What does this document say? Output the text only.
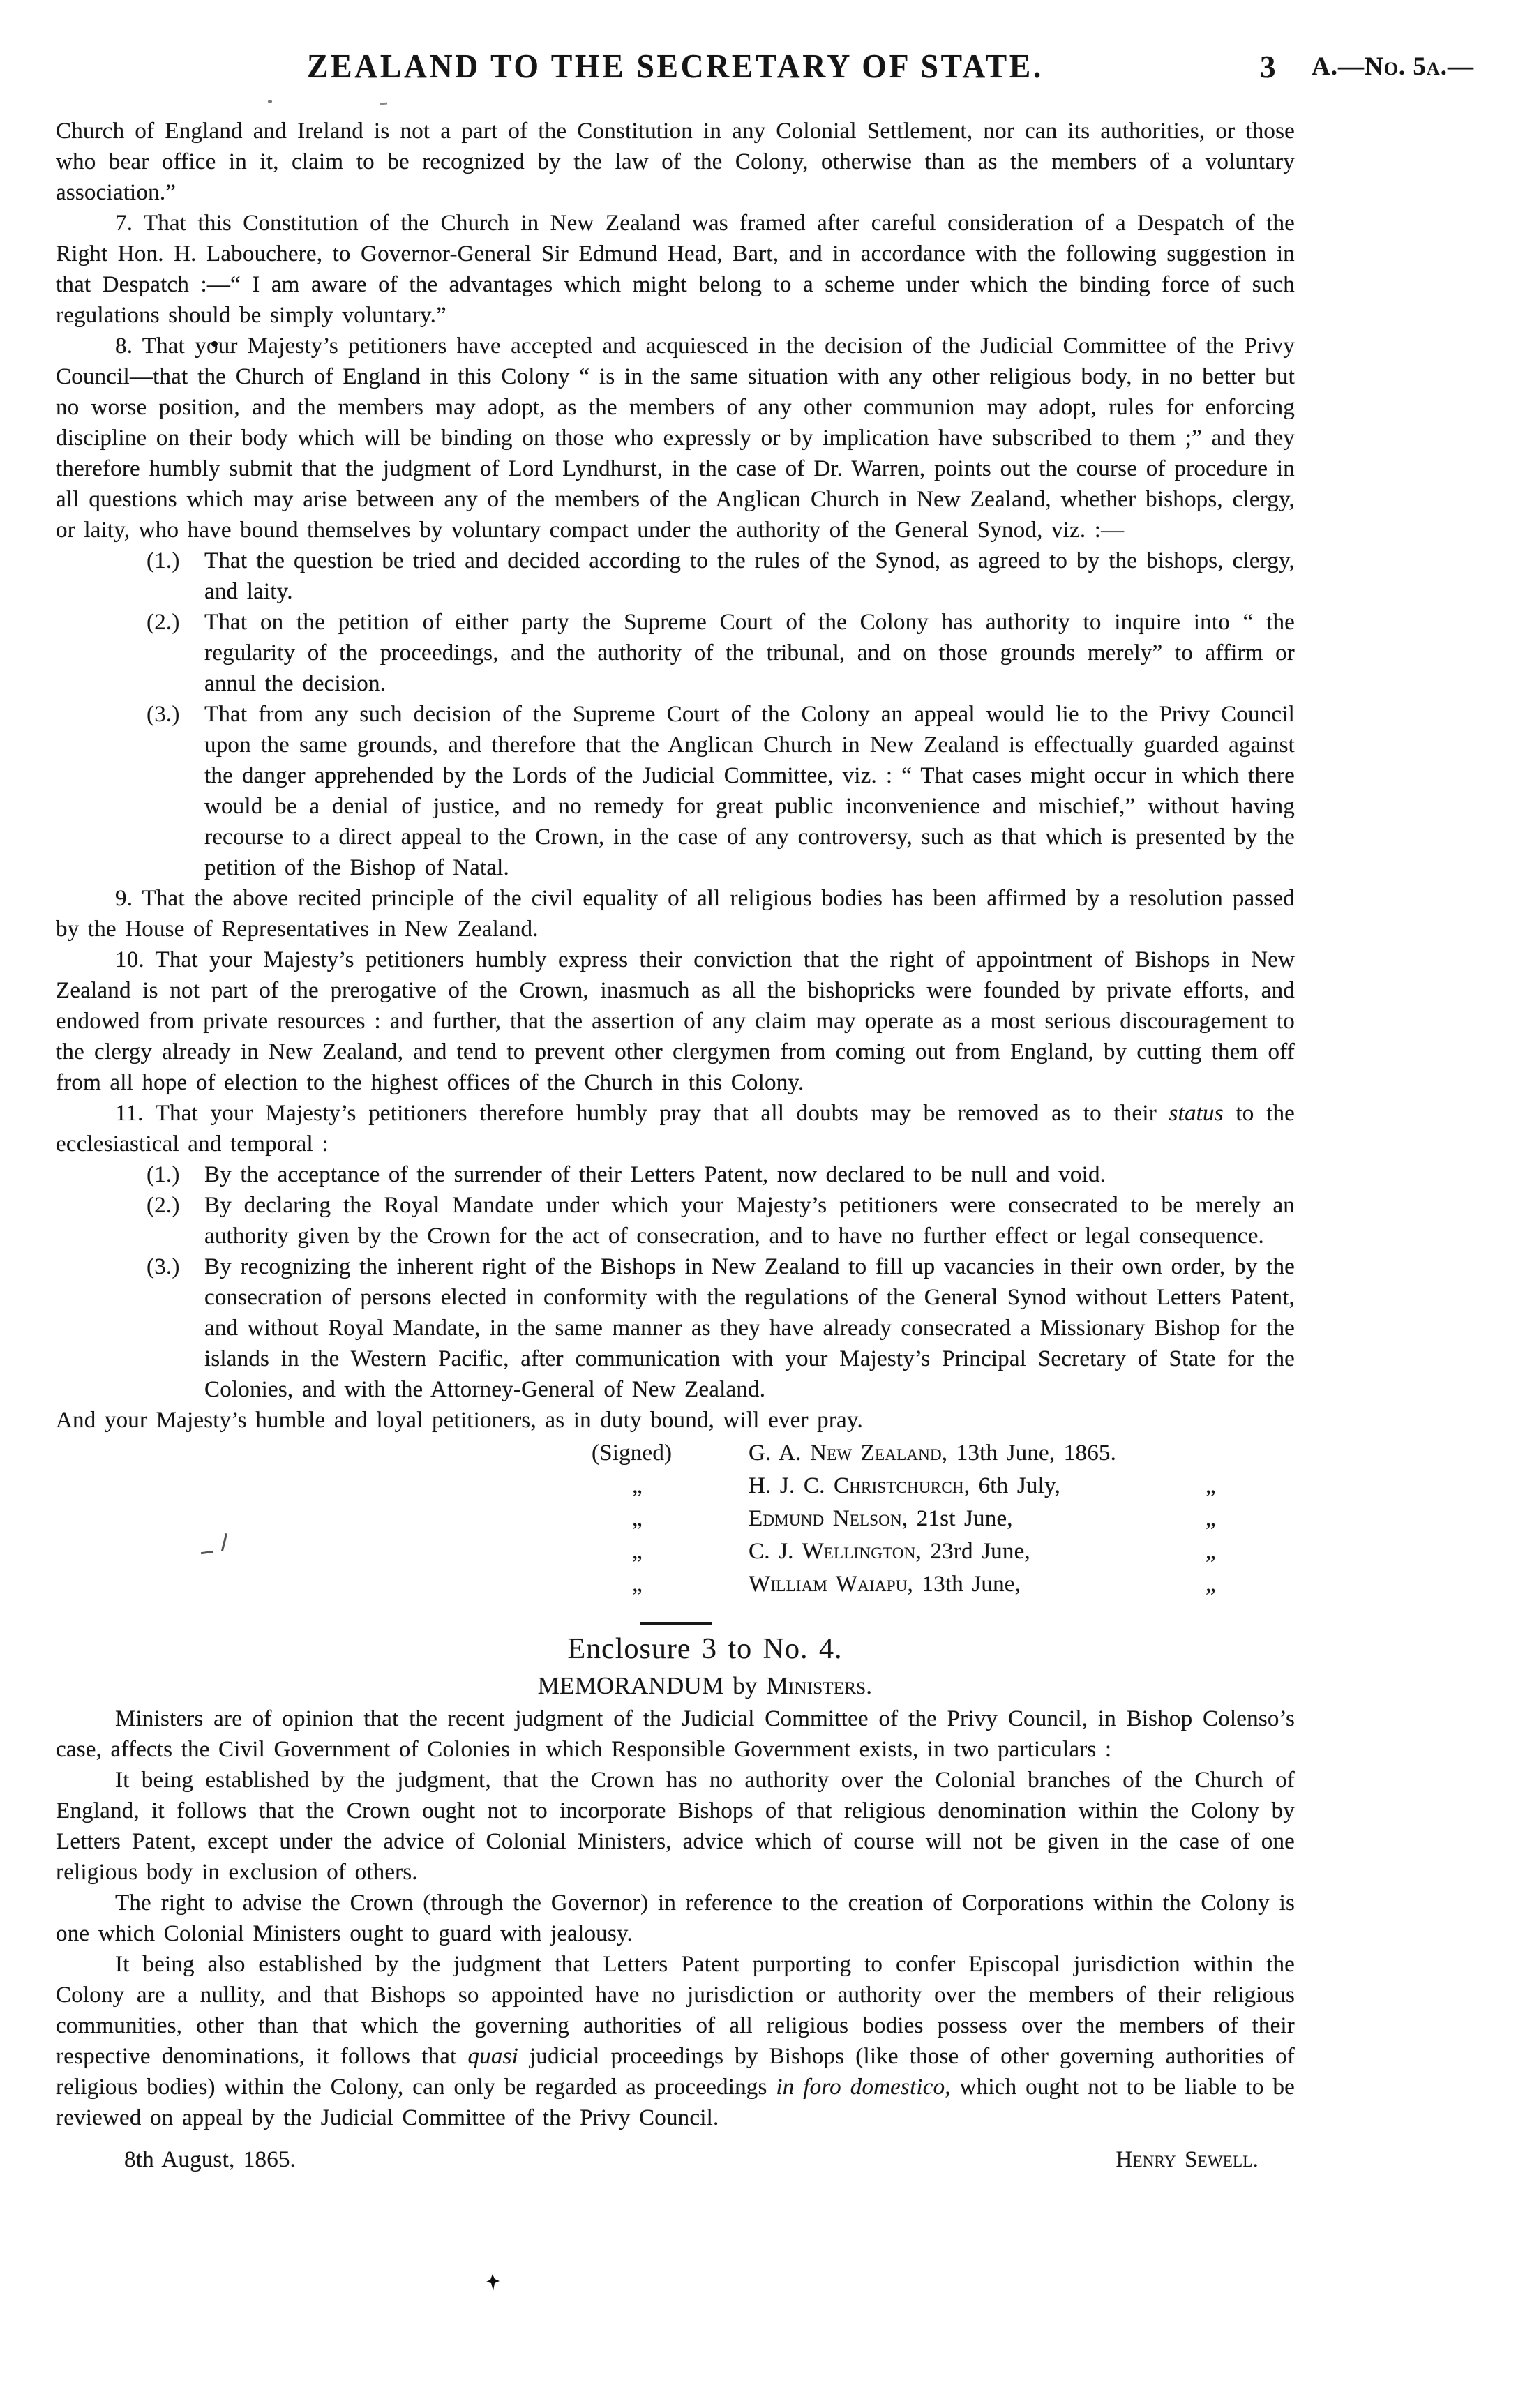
ZEALAND TO THE SECRETARY OF STATE.	3 A.—No. 5a.—

Church of England and Ireland is not a part of the Constitution in any Colonial Settlement, nor can its authorities, or those who bear office in it, claim to be recognized by the law of the Colony, otherwise than as the members of a voluntary association.”

7. That this Constitution of the Church in New Zealand was framed after careful consideration of a Despatch of the Right Hon. H. Labouchere, to Governor-General Sir Edmund Head, Bart, and in accordance with the following suggestion in that Despatch :—“ I am aware of the advantages which might belong to a scheme under which the binding force of such regulations should be simply voluntary.”

8. That your Majesty’s petitioners have accepted and acquiesced in the decision of the Judicial Committee of the Privy Council—that the Church of England in this Colony “ is in the same situation with any other religious body, in no better but no worse position, and the members may adopt, as the members of any other communion may adopt, rules for enforcing discipline on their body which will be binding on those who expressly or by implication have subscribed to them ;” and they therefore humbly submit that the judgment of Lord Lyndhurst, in the case of Dr. Warren, points out the course of procedure in all questions which may arise between any of the members of the Anglican Church in New Zealand, whether bishops, clergy, or laity, who have bound themselves by voluntary compact under the authority of the General Synod, viz. :—

(1.) That the question be tried and decided according to the rules of the Synod, as agreed to by the bishops, clergy, and laity.
(2.) That on the petition of either party the Supreme Court of the Colony has authority to inquire into “ the regularity of the proceedings, and the authority of the tribunal, and on those grounds merely” to affirm or annul the decision.
(3.) That from any such decision of the Supreme Court of the Colony an appeal would lie to the Privy Council upon the same grounds, and therefore that the Anglican Church in New Zealand is effectually guarded against the danger apprehended by the Lords of the Judicial Committee, viz. : “ That cases might occur in which there would be a denial of justice, and no remedy for great public inconvenience and mischief,” without having recourse to a direct appeal to the Crown, in the case of any controversy, such as that which is presented by the petition of the Bishop of Natal.

9. That the above recited principle of the civil equality of all religious bodies has been affirmed by a resolution passed by the House of Representatives in New Zealand.

10. That your Majesty’s petitioners humbly express their conviction that the right of appointment of Bishops in New Zealand is not part of the prerogative of the Crown, inasmuch as all the bishopricks were founded by private efforts, and endowed from private resources : and further, that the assertion of any claim may operate as a most serious discouragement to the clergy already in New Zealand, and tend to prevent other clergymen from coming out from England, by cutting them off from all hope of election to the highest offices of the Church in this Colony.

11. That your Majesty’s petitioners therefore humbly pray that all doubts may be removed as to their status to the ecclesiastical and temporal :

(1.) By the acceptance of the surrender of their Letters Patent, now declared to be null and void.
(2.) By declaring the Royal Mandate under which your Majesty’s petitioners were consecrated to be merely an authority given by the Crown for the act of consecration, and to have no further effect or legal consequence.
(3.) By recognizing the inherent right of the Bishops in New Zealand to fill up vacancies in their own order, by the consecration of persons elected in conformity with the regulations of the General Synod without Letters Patent, and without Royal Mandate, in the same manner as they have already consecrated a Missionary Bishop for the islands in the Western Pacific, after communication with your Majesty’s Principal Secretary of State for the Colonies, and with the Attorney-General of New Zealand.

And your Majesty’s humble and loyal petitioners, as in duty bound, will ever pray.

(Signed)	G. A. New Zealand, 13th June, 1865.
„	H. J. C. Christchurch, 6th July,	„
„	Edmund Nelson, 21st June,	„
„	C. J. Wellington, 23rd June,	„
„	William Waiapu, 13th June,	„

Enclosure 3 to No. 4.

MEMORANDUM by Ministers.

Ministers are of opinion that the recent judgment of the Judicial Committee of the Privy Council, in Bishop Colenso’s case, affects the Civil Government of Colonies in which Responsible Government exists, in two particulars :

It being established by the judgment, that the Crown has no authority over the Colonial branches of the Church of England, it follows that the Crown ought not to incorporate Bishops of that religious denomination within the Colony by Letters Patent, except under the advice of Colonial Ministers, advice which of course will not be given in the case of one religious body in exclusion of others.

The right to advise the Crown (through the Governor) in reference to the creation of Corporations within the Colony is one which Colonial Ministers ought to guard with jealousy.

It being also established by the judgment that Letters Patent purporting to confer Episcopal jurisdiction within the Colony are a nullity, and that Bishops so appointed have no jurisdiction or authority over the members of their religious communities, other than that which the governing authorities of all religious bodies possess over the members of their respective denominations, it follows that quasi judicial proceedings by Bishops (like those of other governing authorities of religious bodies) within the Colony, can only be regarded as proceedings in foro domestico, which ought not to be liable to be reviewed on appeal by the Judicial Committee of the Privy Council.

8th August, 1865.	Henry Sewell.
